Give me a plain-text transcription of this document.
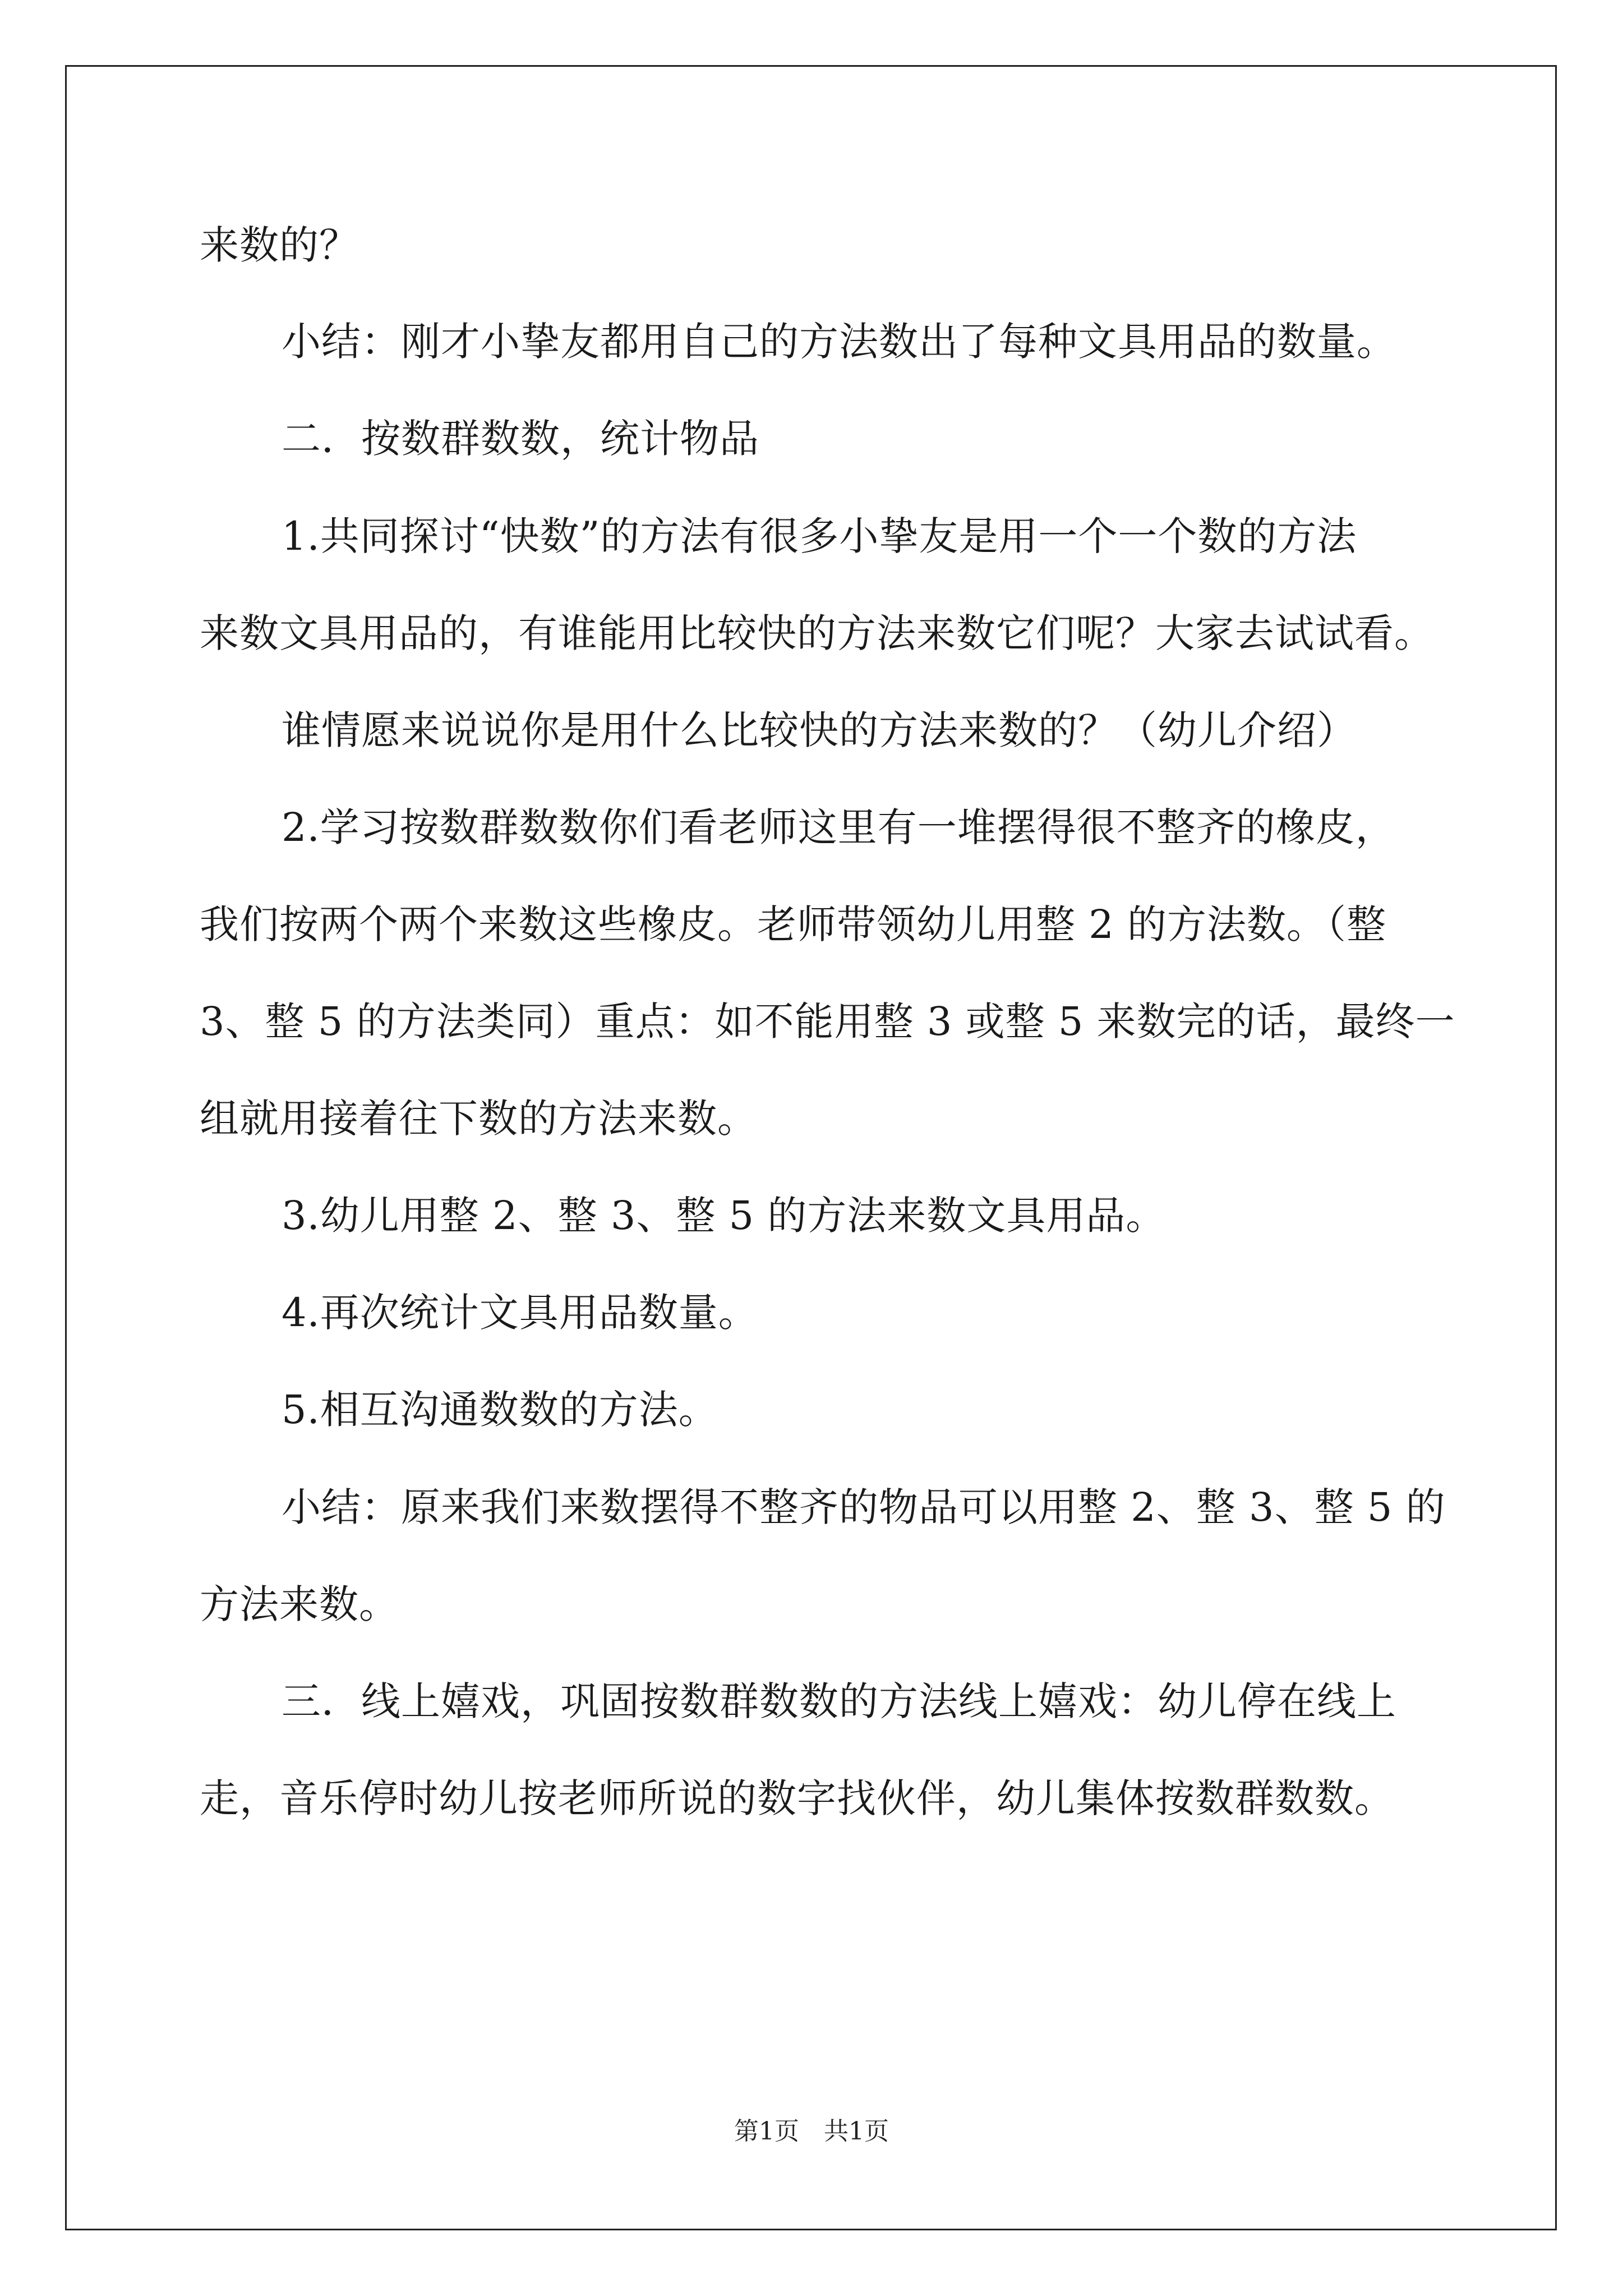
来数的？
小结：刚才小挚友都用自己的方法数出了每种文具用品的数量。
二．按数群数数，统计物品
1.共同探讨“快数”的方法有很多小挚友是用一个一个数的方法
来数文具用品的，有谁能用比较快的方法来数它们呢？大家去试试看。
谁情愿来说说你是用什么比较快的方法来数的？（幼儿介绍）
2.学习按数群数数你们看老师这里有一堆摆得很不整齐的橡皮，
我们按两个两个来数这些橡皮。老师带领幼儿用整 2 的方法数。（整
3、整 5 的方法类同）重点：如不能用整 3 或整 5 来数完的话，最终一
组就用接着往下数的方法来数。
3.幼儿用整 2、整 3、整 5 的方法来数文具用品。
4.再次统计文具用品数量。
5.相互沟通数数的方法。
小结：原来我们来数摆得不整齐的物品可以用整 2、整 3、整 5 的
方法来数。
三．线上嬉戏，巩固按数群数数的方法线上嬉戏：幼儿停在线上
走，音乐停时幼儿按老师所说的数字找伙伴，幼儿集体按数群数数。
第1页　共1页
